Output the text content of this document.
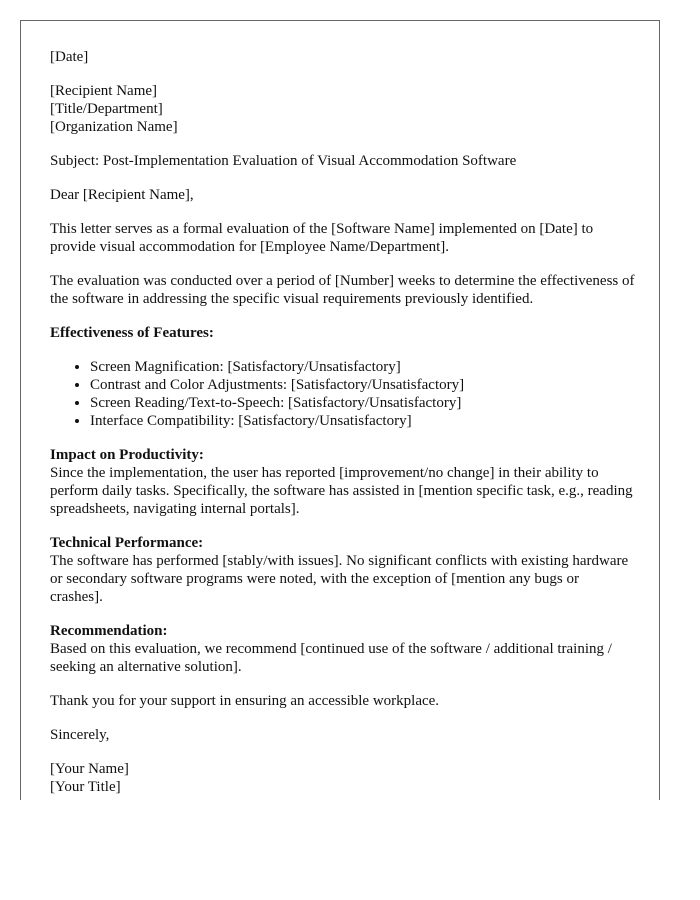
[Date]

[Recipient Name]
[Title/Department]
[Organization Name]

Subject: Post-Implementation Evaluation of Visual Accommodation Software

Dear [Recipient Name],

This letter serves as a formal evaluation of the [Software Name] implemented on [Date] to provide visual accommodation for [Employee Name/Department].

The evaluation was conducted over a period of [Number] weeks to determine the effectiveness of the software in addressing the specific visual requirements previously identified.

Effectiveness of Features:

• Screen Magnification: [Satisfactory/Unsatisfactory]
• Contrast and Color Adjustments: [Satisfactory/Unsatisfactory]
• Screen Reading/Text-to-Speech: [Satisfactory/Unsatisfactory]
• Interface Compatibility: [Satisfactory/Unsatisfactory]

Impact on Productivity:
Since the implementation, the user has reported [improvement/no change] in their ability to perform daily tasks. Specifically, the software has assisted in [mention specific task, e.g., reading spreadsheets, navigating internal portals].

Technical Performance:
The software has performed [stably/with issues]. No significant conflicts with existing hardware or secondary software programs were noted, with the exception of [mention any bugs or crashes].

Recommendation:
Based on this evaluation, we recommend [continued use of the software / additional training / seeking an alternative solution].

Thank you for your support in ensuring an accessible workplace.

Sincerely,

[Your Name]
[Your Title]
